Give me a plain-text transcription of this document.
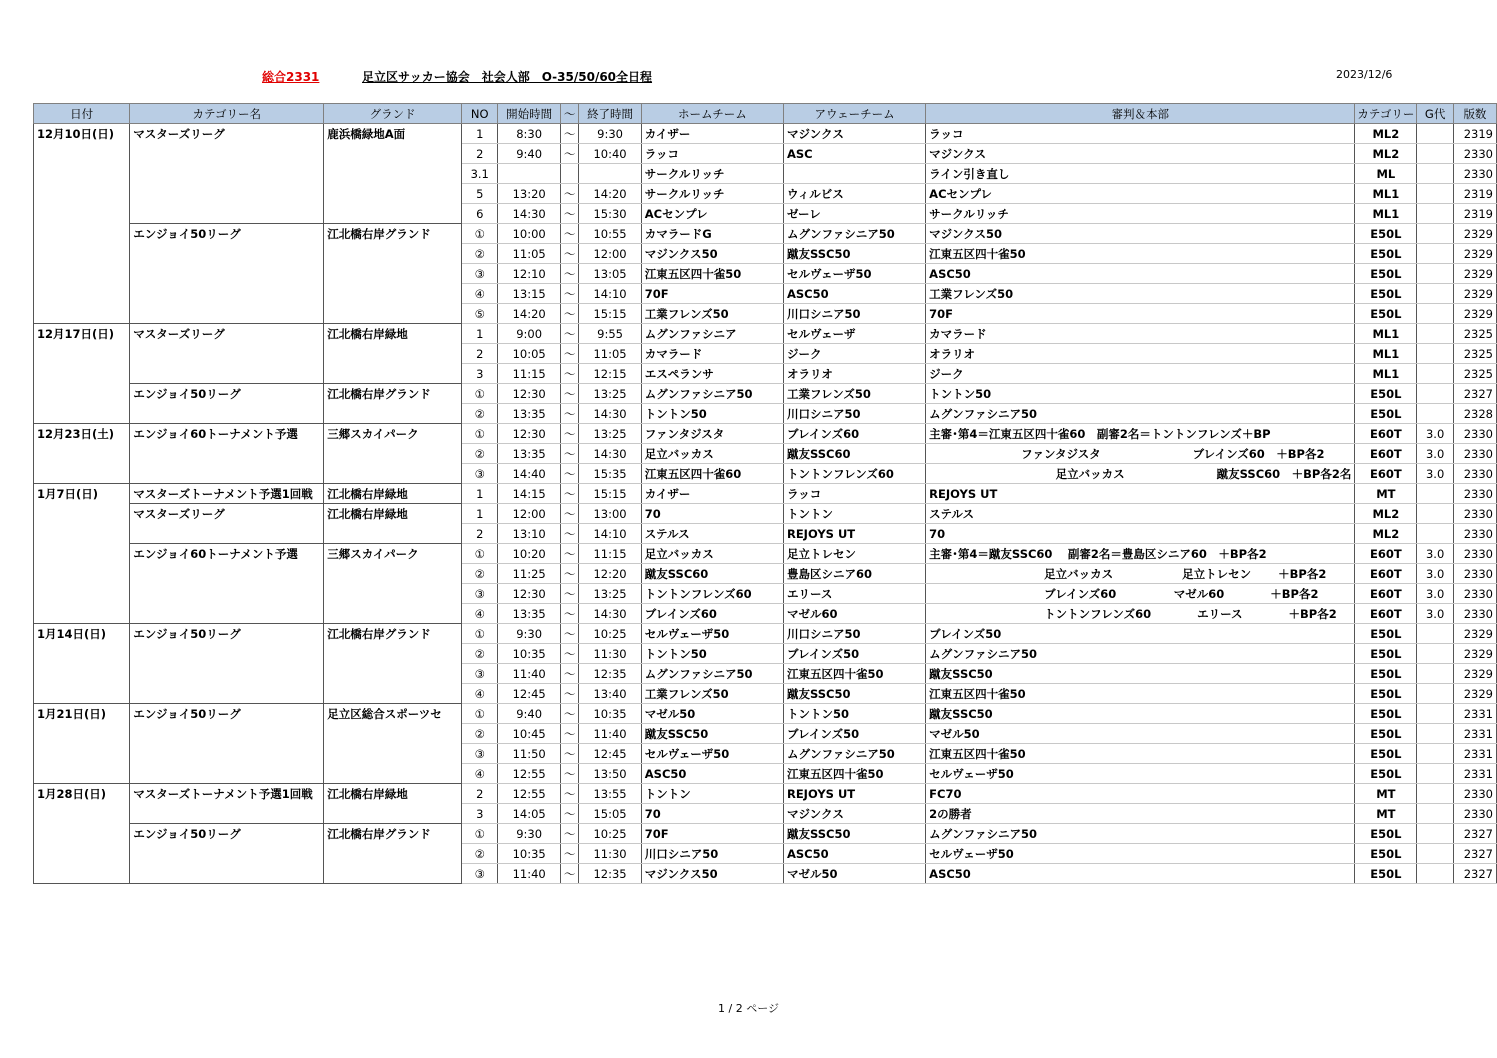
総合2331	足立区サッカー協会　社会人部　O-35/50/60全日程	2023/12/6
日付	カテゴリー名	グランド	NO	開始時間	～	終了時間	ホームチーム	アウェーチーム	審判＆本部	カテゴリー	G代	版数
12月10日(日)	マスターズリーグ	鹿浜橋緑地A面	1	8:30	～	9:30	カイザー	マジンクス	ラッコ	ML2		2319
			2	9:40	～	10:40	ラッコ	ASC	マジンクス	ML2		2330
			3.1				サークルリッチ		ライン引き直し	ML		2330
			5	13:20	～	14:20	サークルリッチ	ウィルビス	ACセンプレ	ML1		2319
			6	14:30	～	15:30	ACセンプレ	ゼーレ	サークルリッチ	ML1		2319
	エンジョイ50リーグ	江北橋右岸グランド	①	10:00	～	10:55	カマラードG	ムグンファシニア50	マジンクス50	E50L		2329
			②	11:05	～	12:00	マジンクス50	蹴友SSC50	江東五区四十雀50	E50L		2329
			③	12:10	～	13:05	江東五区四十雀50	セルヴェーザ50	ASC50	E50L		2329
			④	13:15	～	14:10	70F	ASC50	工業フレンズ50	E50L		2329
			⑤	14:20	～	15:15	工業フレンズ50	川口シニア50	70F	E50L		2329
12月17日(日)	マスターズリーグ	江北橋右岸緑地	1	9:00	～	9:55	ムグンファシニア	セルヴェーザ	カマラード	ML1		2325
			2	10:05	～	11:05	カマラード	ジーク	オラリオ	ML1		2325
			3	11:15	～	12:15	エスペランサ	オラリオ	ジーク	ML1		2325
	エンジョイ50リーグ	江北橋右岸グランド	①	12:30	～	13:25	ムグンファシニア50	工業フレンズ50	トントン50	E50L		2327
			②	13:35	～	14:30	トントン50	川口シニア50	ムグンファシニア50	E50L		2328
12月23日(土)	エンジョイ60トーナメント予選	三郷スカイパーク	①	12:30	～	13:25	ファンタジスタ	ブレインズ60	主審･第4＝江東五区四十雀60　副審2名＝トントンフレンズ＋BP	E60T	3.0	2330
			②	13:35	～	14:30	足立バッカス	蹴友SSC60	　　　　　　　　ファンタジスタ　　　　　　　　ブレインズ60　＋BP各2	E60T	3.0	2330
			③	14:40	～	15:35	江東五区四十雀60	トントンフレンズ60	　　　　　　　　　　　足立バッカス　　　　　　　　蹴友SSC60　＋BP各2名	E60T	3.0	2330
1月7日(日)	マスターズトーナメント予選1回戦	江北橋右岸緑地	1	14:15	～	15:15	カイザー	ラッコ	REJOYS UT	MT		2330
	マスターズリーグ	江北橋右岸緑地	1	12:00	～	13:00	70	トントン	ステルス	ML2		2330
			2	13:10	～	14:10	ステルス	REJOYS UT	70	ML2		2330
	エンジョイ60トーナメント予選	三郷スカイパーク	①	10:20	～	11:15	足立バッカス	足立トレセン	主審･第4＝蹴友SSC60　 副審2名＝豊島区シニア60　＋BP各2	E60T	3.0	2330
			②	11:25	～	12:20	蹴友SSC60	豊島区シニア60	　　　　　　　　　　足立バッカス　　　　　　足立トレセン　　 ＋BP各2	E60T	3.0	2330
			③	12:30	～	13:25	トントンフレンズ60	エリース	　　　　　　　　　　ブレインズ60　　　　　マゼル60　　　　＋BP各2	E60T	3.0	2330
			④	13:35	～	14:30	ブレインズ60	マゼル60	　　　　　　　　　　トントンフレンズ60　　　　エリース　　　　＋BP各2	E60T	3.0	2330
1月14日(日)	エンジョイ50リーグ	江北橋右岸グランド	①	9:30	～	10:25	セルヴェーザ50	川口シニア50	ブレインズ50	E50L		2329
			②	10:35	～	11:30	トントン50	ブレインズ50	ムグンファシニア50	E50L		2329
			③	11:40	～	12:35	ムグンファシニア50	江東五区四十雀50	蹴友SSC50	E50L		2329
			④	12:45	～	13:40	工業フレンズ50	蹴友SSC50	江東五区四十雀50	E50L		2329
1月21日(日)	エンジョイ50リーグ	足立区総合スポーツセ	①	9:40	～	10:35	マゼル50	トントン50	蹴友SSC50	E50L		2331
			②	10:45	～	11:40	蹴友SSC50	ブレインズ50	マゼル50	E50L		2331
			③	11:50	～	12:45	セルヴェーザ50	ムグンファシニア50	江東五区四十雀50	E50L		2331
			④	12:55	～	13:50	ASC50	江東五区四十雀50	セルヴェーザ50	E50L		2331
1月28日(日)	マスターズトーナメント予選1回戦	江北橋右岸緑地	2	12:55	～	13:55	トントン	REJOYS UT	FC70	MT		2330
			3	14:05	～	15:05	70	マジンクス	2の勝者	MT		2330
	エンジョイ50リーグ	江北橋右岸グランド	①	9:30	～	10:25	70F	蹴友SSC50	ムグンファシニア50	E50L		2327
			②	10:35	～	11:30	川口シニア50	ASC50	セルヴェーザ50	E50L		2327
			③	11:40	～	12:35	マジンクス50	マゼル50	ASC50	E50L		2327
1 / 2 ページ
